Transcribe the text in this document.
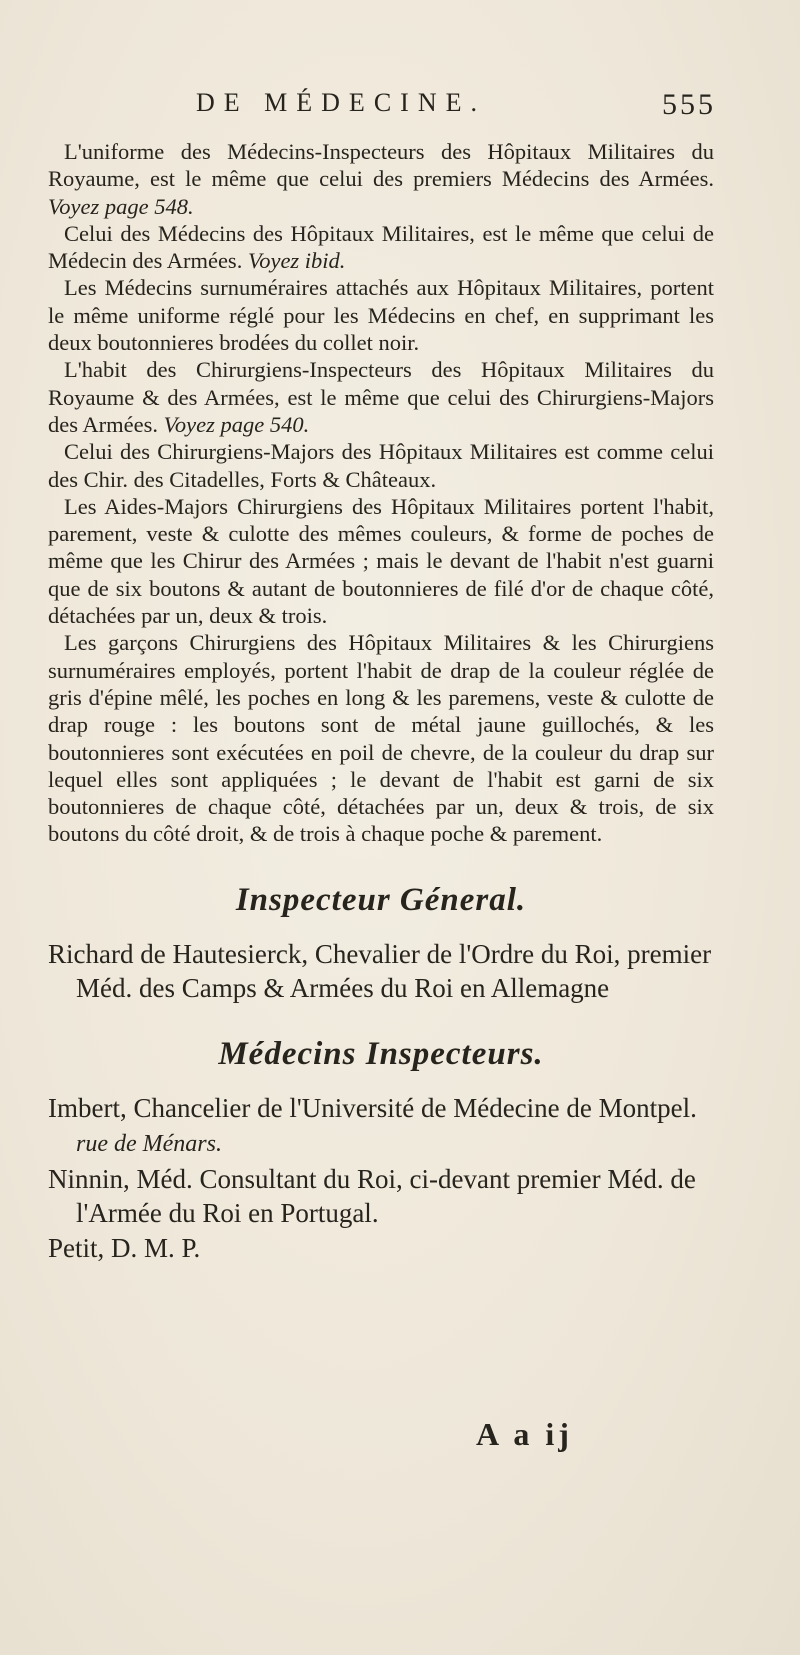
DE MÉDECINE.	555

L'uniforme des Médecins-Inspecteurs des Hôpitaux Militaires du Royaume, est le même que celui des premiers Médecins des Armées. Voyez page 548.

Celui des Médecins des Hôpitaux Militaires, est le même que celui de Médecin des Armées. Voyez ibid.

Les Médecins surnuméraires attachés aux Hôpitaux Militaires, portent le même uniforme réglé pour les Médecins en chef, en supprimant les deux boutonnieres brodées du collet noir.

L'habit des Chirurgiens-Inspecteurs des Hôpitaux Militaires du Royaume & des Armées, est le même que celui des Chirurgiens-Majors des Armées. Voyez page 540.

Celui des Chirurgiens-Majors des Hôpitaux Militaires est comme celui des Chir. des Citadelles, Forts & Châteaux.

Les Aides-Majors Chirurgiens des Hôpitaux Militaires portent l'habit, parement, veste & culotte des mêmes couleurs, & forme de poches de même que les Chirur des Armées ; mais le devant de l'habit n'est guarni que de six boutons & autant de boutonnieres de filé d'or de chaque côté, détachées par un, deux & trois.

Les garçons Chirurgiens des Hôpitaux Militaires & les Chirurgiens surnuméraires employés, portent l'habit de drap de la couleur réglée de gris d'épine mêlé, les poches en long & les paremens, veste & culotte de drap rouge : les boutons sont de métal jaune guillochés, & les boutonnieres sont exécutées en poil de chevre, de la couleur du drap sur lequel elles sont appliquées ; le devant de l'habit est garni de six boutonnieres de chaque côté, détachées par un, deux & trois, de six boutons du côté droit, & de trois à chaque poche & parement.

Inspecteur Géneral.

Richard de Hautesierck, Chevalier de l'Ordre du Roi, premier Méd. des Camps & Armées du Roi en Allemagne

Médecins Inspecteurs.

Imbert, Chancelier de l'Université de Médecine de Montpel. rue de Ménars.

Ninnin, Méd. Consultant du Roi, ci-devant premier Méd. de l'Armée du Roi en Portugal.

Petit, D. M. P.

A a ij
